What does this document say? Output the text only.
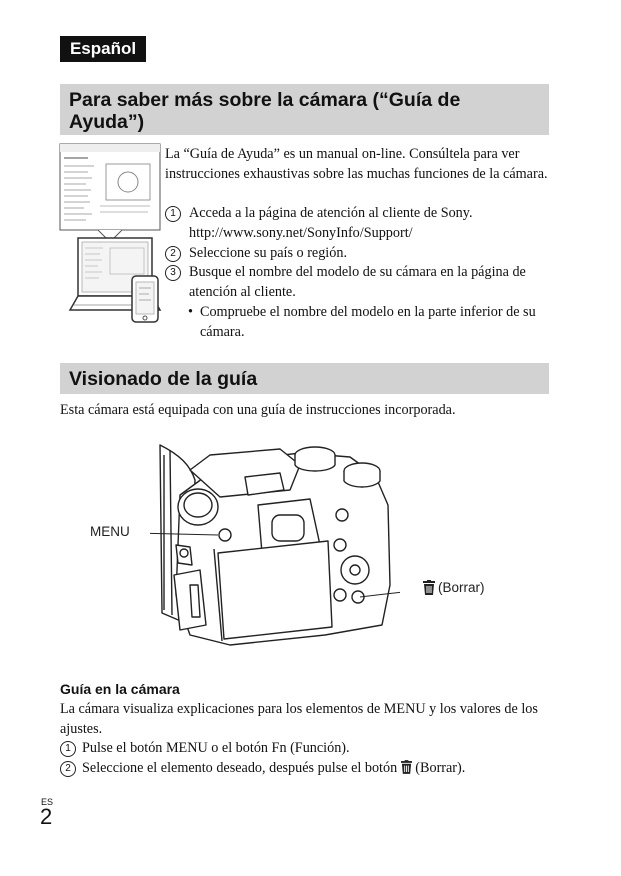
Español
Para saber más sobre la cámara (“Guía de Ayuda”)
La “Guía de Ayuda” es un manual on-line. Consúltela para ver instrucciones exhaustivas sobre las muchas funciones de la cámara.
1 Acceda a la página de atención al cliente de Sony. http://www.sony.net/SonyInfo/Support/
2 Seleccione su país o región.
3 Busque el nombre del modelo de su cámara en la página de atención al cliente.
• Compruebe el nombre del modelo en la parte inferior de su cámara.
Visionado de la guía
Esta cámara está equipada con una guía de instrucciones incorporada.
MENU
(Borrar)
Guía en la cámara
La cámara visualiza explicaciones para los elementos de MENU y los valores de los ajustes.
1 Pulse el botón MENU o el botón Fn (Función).
2 Seleccione el elemento deseado, después pulse el botón (Borrar).
ES
2
